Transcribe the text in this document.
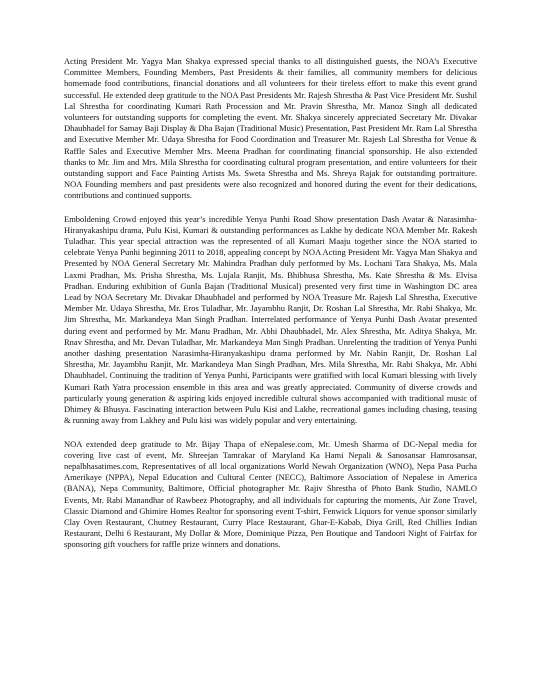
Acting President Mr. Yagya Man Shakya expressed special thanks to all distinguished guests, the NOA’s Executive Committee Members, Founding Members, Past Presidents & their families, all community members for delicious homemade food contributions, financial donations and all volunteers for their tireless effort to make this event grand successful. He extended deep gratitude to the NOA Past Presidents Mr. Rajesh Shrestha & Past Vice President Mr. Sushil Lal Shrestha for coordinating Kumari Rath Procession and Mr. Pravin Shrestha, Mr. Manoz Singh all dedicated volunteers for outstanding supports for completing the event. Mr. Shakya sincerely appreciated Secretary Mr. Divakar Dhaubhadel for Samay Baji Display & Dha Bajan (Traditional Music) Presentation, Past President Mr. Ram Lal Shrestha and Executive Member Mr. Udaya Shrestha for Food Coordination and Treasurer Mr. Rajesh Lal Shrestha for Venue & Raffle Sales and Executive Member Mrs. Meena Pradhan for coordinating financial sponsorship. He also extended thanks to Mr. Jim and Mrs. Mila Shrestha for coordinating cultural program presentation, and entire volunteers for their outstanding support and Face Painting Artists Ms. Sweta Shrestha and Ms. Shreya Rajak for outstanding portraiture. NOA Founding members and past presidents were also recognized and honored during the event for their dedications, contributions and continued supports.

Emboldening Crowd enjoyed this year’s incredible Yenya Punhi Road Show presentation Dash Avatar & Narasimha-Hiranyakashipu drama, Pulu Kisi, Kumari & outstanding performances as Lakhe by dedicate NOA Member Mr. Rakesh Tuladhar. This year special attraction was the represented of all Kumari Maaju together since the NOA started to celebrate Yenya Punhi beginning 2011 to 2018, appealing concept by NOA Acting President Mr. Yagya Man Shakya and Presented by NOA General Secretary Mr. Mahindra Pradhan duly performed by Ms. Lochani Tara Shakya, Ms. Mala Laxmi Pradhan, Ms. Prisha Shrestha, Ms. Lujala Ranjit, Ms. Bhibhusa Shrestha, Ms. Kate Shrestha & Ms. Elvisa Pradhan. Enduring exhibition of Gunla Bajan (Traditional Musical) presented very first time in Washington DC area Lead by NOA Secretary Mr. Divakar Dhaubhadel and performed by NOA Treasure Mr. Rajesh Lal Shrestha, Executive Member Mr. Udaya Shrestha, Mr. Eros Tuladhar, Mr. Jayambhu Ranjit, Dr. Roshan Lal Shrestha, Mr. Rabi Shakya, Mr. Jim Shrestha, Mr. Markandeya Man Singh Pradhan. Interrelated performance of Yenya Punhi Dash Avatar presented during event and performed by Mr. Manu Pradhan, Mr. Abhi Dhaubhadel, Mr. Alex Shrestha, Mr. Aditya Shakya, Mr. Rnav Shrestha, and Mr. Devan Tuladhar, Mr. Markandeya Man Singh Pradhan. Unrelenting the tradition of Yenya Punhi another dashing presentation Narasimha-Hiranyakashipu drama performed by Mr. Nabin Ranjit, Dr. Roshan Lal Shrestha, Mr. Jayambhu Ranjit, Mr. Markandeya Man Singh Pradhan, Mrs. Mila Shrestha, Mr. Rabi Shakya, Mr. Abhi Dhaubhadel. Continuing the tradition of Yenya Punhi, Participants were gratified with local Kumari blessing with lively Kumari Rath Yatra procession ensemble in this area and was greatly appreciated. Community of diverse crowds and particularly young generation & aspiring kids enjoyed incredible cultural shows accompanied with traditional music of Dhimey & Bhusya. Fascinating interaction between Pulu Kisi and Lakhe, recreational games including chasing, teasing & running away from Lakhey and Pulu kisi was widely popular and very entertaining.

NOA extended deep gratitude to Mr. Bijay Thapa of eNepalese.com, Mr. Umesh Sharma of DC-Nepal media for covering live cast of event, Mr. Shreejan Tamrakar of Maryland Ka Hami Nepali & Sanosansar Hamrosansar, nepalbhasatimes.com, Representatives of all local organizations World Newah Organization (WNO), Nepa Pasa Pucha Amerikaye (NPPA), Nepal Education and Cultural Center (NECC), Baltimore Association of Nepalese in America (BANA), Nepa Community, Baltimore, Official photographer Mr. Rajiv Shrestha of Photo Bank Studio, NAMLO Events, Mr. Rabi Manandhar of Rawbeez Photography, and all individuals for capturing the moments, Air Zone Travel, Classic Diamond and Ghimire Homes Realtor for sponsoring event T-shirt, Fenwick Liquors for venue sponsor similarly Clay Oven Restaurant, Chutney Restaurant, Curry Place Restaurant, Ghar-E-Kabab, Diya Grill, Red Chillies Indian Restaurant, Delhi 6 Restaurant, My Dollar & More, Dominique Pizza, Pen Boutique and Tandoori Night of Fairfax for sponsoring gift vouchers for raffle prize winners and donations.
